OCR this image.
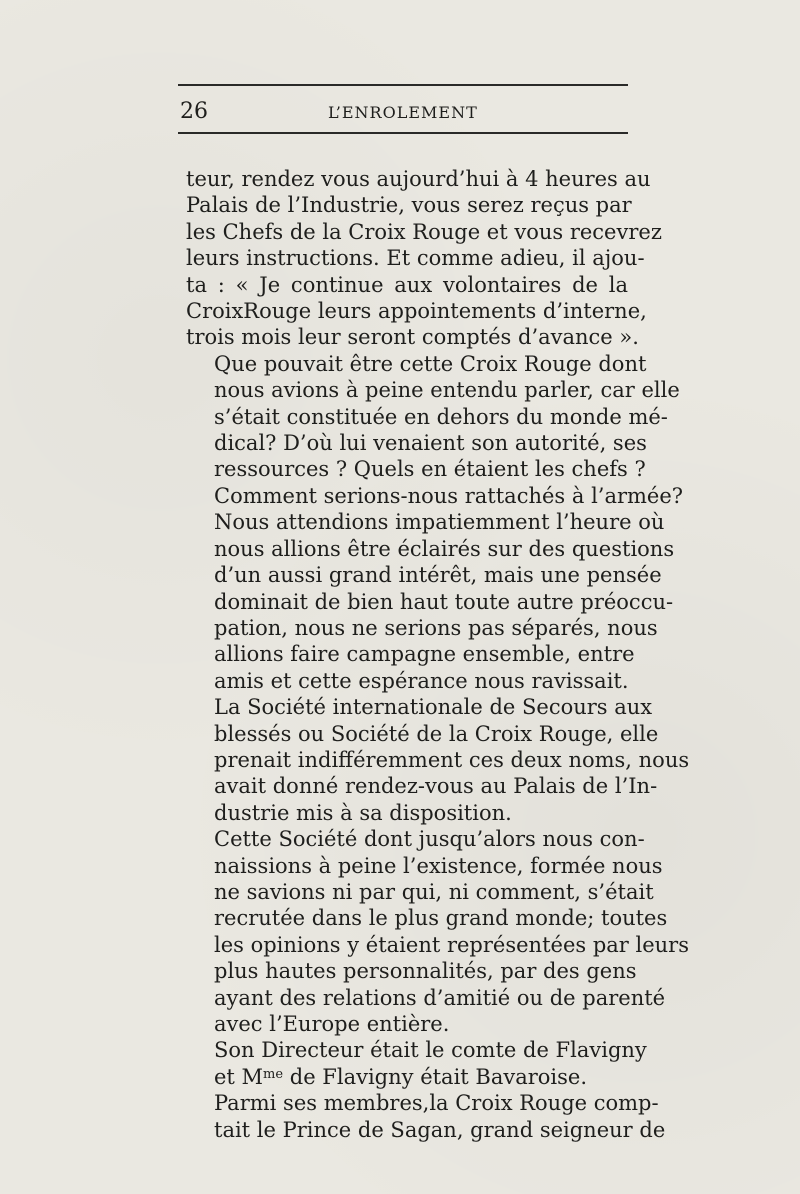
26	L’ENROLEMENT

teur, rendez vous aujourd’hui à 4 heures au
Palais de l’Industrie, vous serez reçus par
les Chefs de la Croix Rouge et vous recevrez
leurs instructions. Et comme adieu, il ajou-
ta : « Je continue aux volontaires de la
CroixRouge leurs appointements d’interne,
trois mois leur seront comptés d’avance ».

Que pouvait être cette Croix Rouge dont
nous avions à peine entendu parler, car elle
s’était constituée en dehors du monde mé-
dical? D’où lui venaient son autorité, ses
ressources ? Quels en étaient les chefs ?
Comment serions-nous rattachés à l’armée?
Nous attendions impatiemment l’heure où
nous allions être éclairés sur des questions
d’un aussi grand intérêt, mais une pensée
dominait de bien haut toute autre préoccu-
pation, nous ne serions pas séparés, nous
allions faire campagne ensemble, entre
amis et cette espérance nous ravissait.

La Société internationale de Secours aux
blessés ou Société de la Croix Rouge, elle
prenait indifféremment ces deux noms, nous
avait donné rendez-vous au Palais de l’In-
dustrie mis à sa disposition.

Cette Société dont jusqu’alors nous con-
naissions à peine l’existence, formée nous
ne savions ni par qui, ni comment, s’était
recrutée dans le plus grand monde; toutes
les opinions y étaient représentées par leurs
plus hautes personnalités, par des gens
ayant des relations d’amitié ou de parenté
avec l’Europe entière.

Son Directeur était le comte de Flavigny
et $M^{me}$ de Flavigny était Bavaroise.

Parmi ses membres,la Croix Rouge comp-
tait le Prince de Sagan, grand seigneur de
